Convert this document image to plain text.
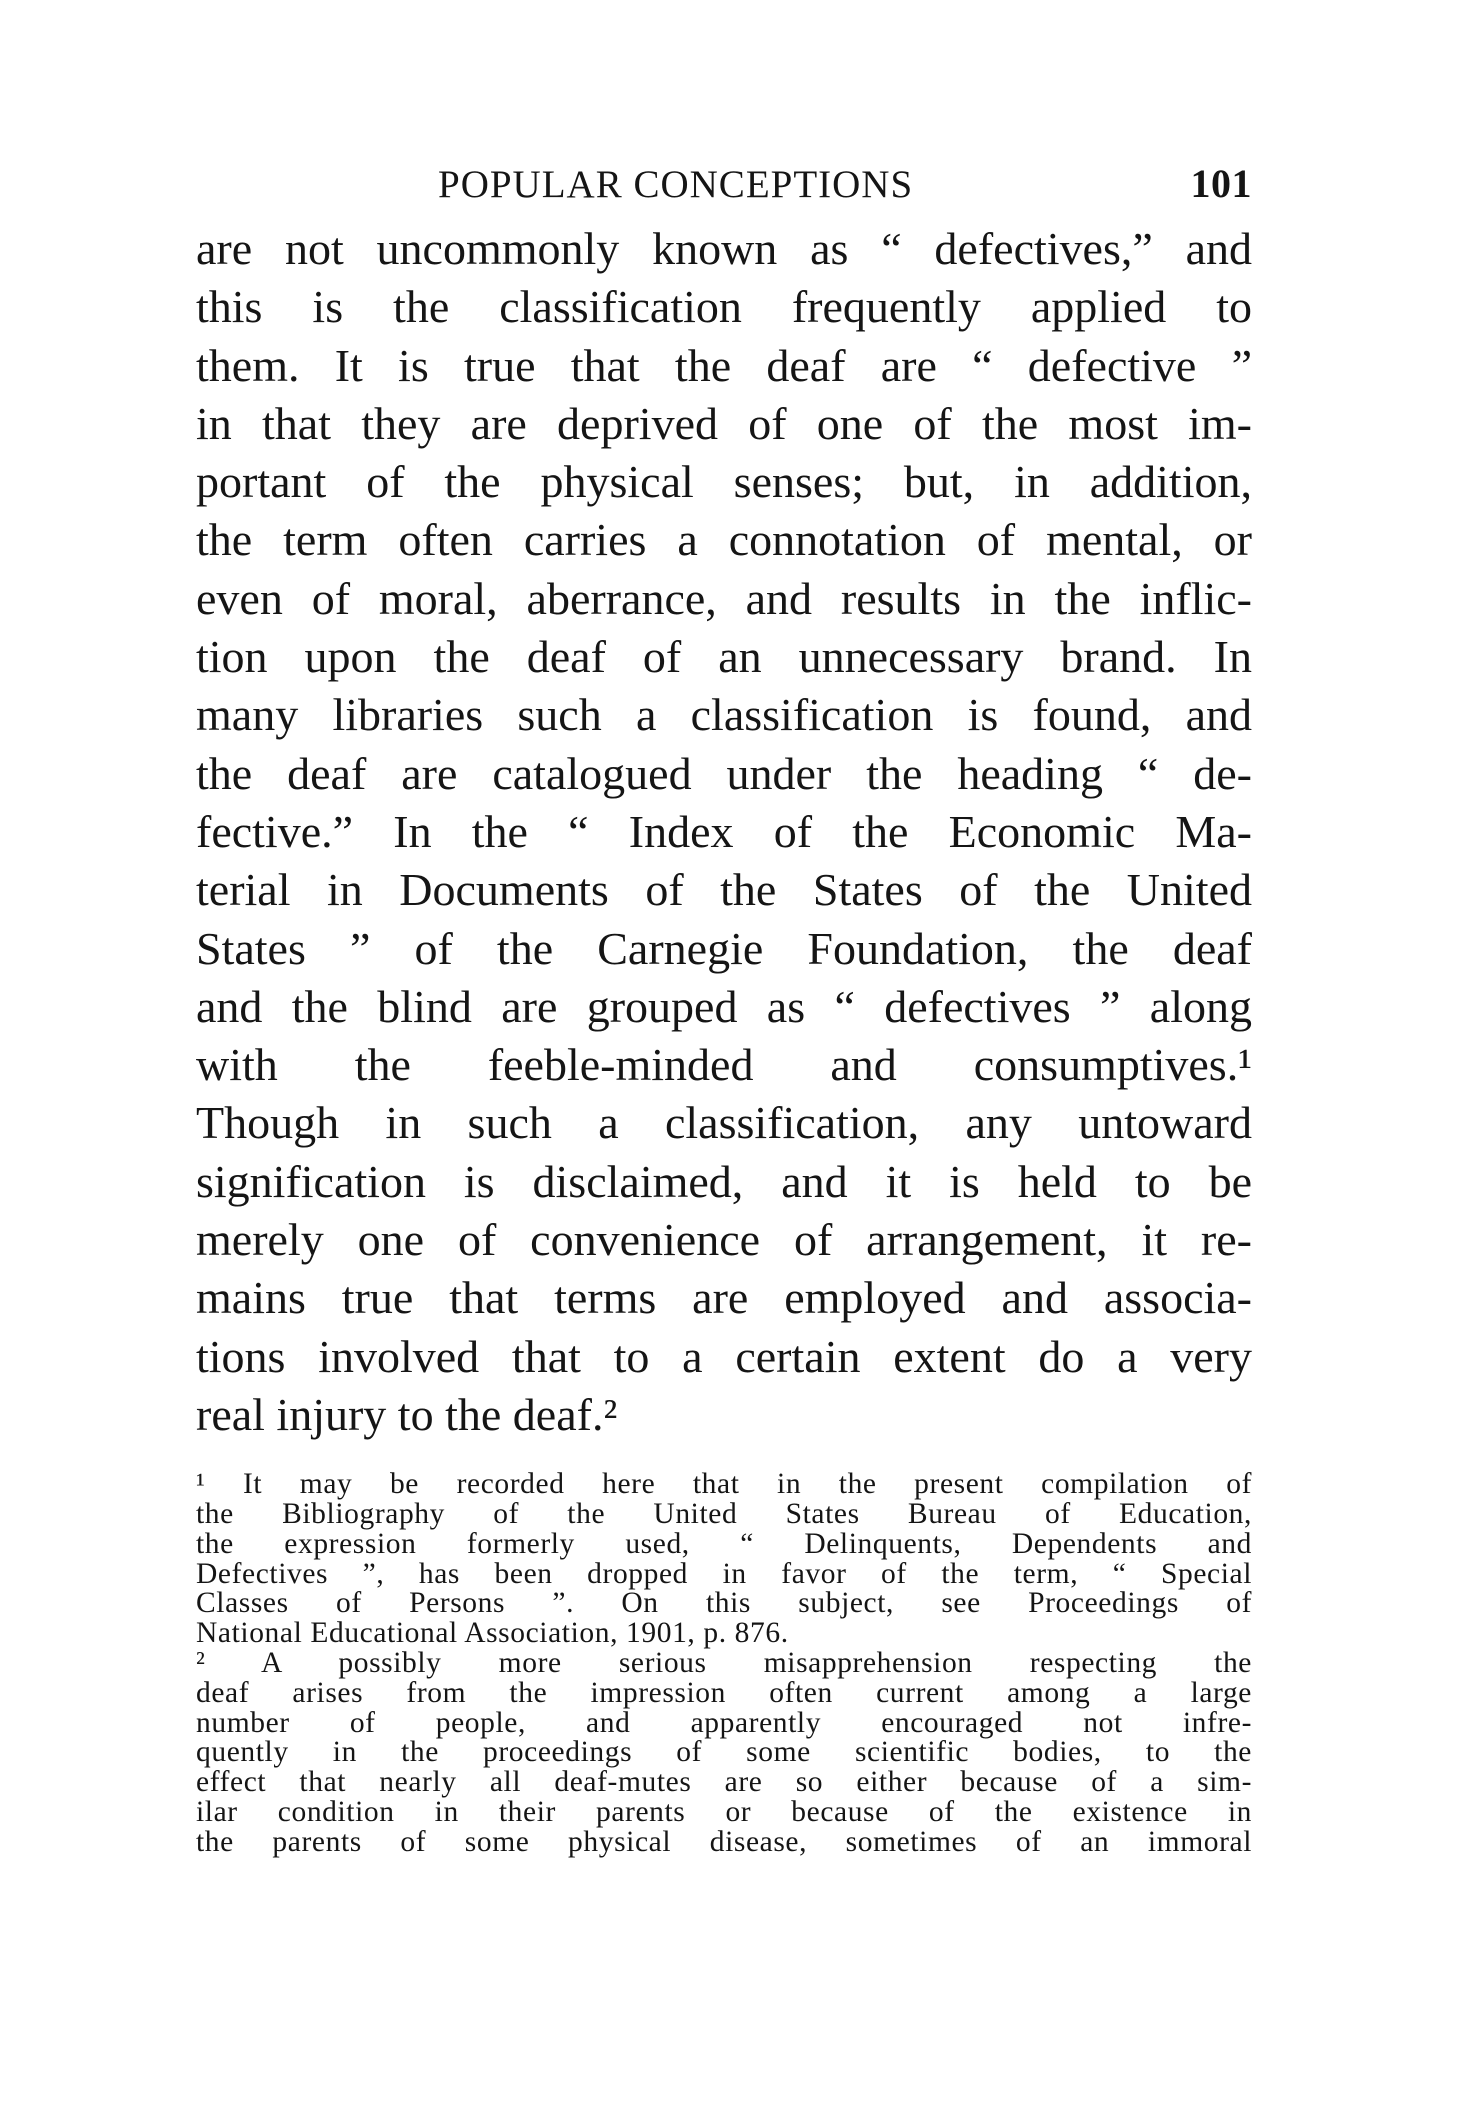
POPULAR CONCEPTIONS	101
are not uncommonly known as “ defectives,” and
this is the classification frequently applied to
them. It is true that the deaf are “ defective ”
in that they are deprived of one of the most im-
portant of the physical senses; but, in addition,
the term often carries a connotation of mental, or
even of moral, aberrance, and results in the inflic-
tion upon the deaf of an unnecessary brand. In
many libraries such a classification is found, and
the deaf are catalogued under the heading “ de-
fective.” In the “ Index of the Economic Ma-
terial in Documents of the States of the United
States ” of the Carnegie Foundation, the deaf
and the blind are grouped as “ defectives ” along
with the feeble-minded and consumptives.¹
Though in such a classification, any untoward
signification is disclaimed, and it is held to be
merely one of convenience of arrangement, it re-
mains true that terms are employed and associa-
tions involved that to a certain extent do a very
real injury to the deaf.²
¹ It may be recorded here that in the present compilation of
the Bibliography of the United States Bureau of Education,
the expression formerly used, “ Delinquents, Dependents and
Defectives ”, has been dropped in favor of the term, “ Special
Classes of Persons ”. On this subject, see Proceedings of
National Educational Association, 1901, p. 876.
² A possibly more serious misapprehension respecting the
deaf arises from the impression often current among a large
number of people, and apparently encouraged not infre-
quently in the proceedings of some scientific bodies, to the
effect that nearly all deaf-mutes are so either because of a sim-
ilar condition in their parents or because of the existence in
the parents of some physical disease, sometimes of an immoral
